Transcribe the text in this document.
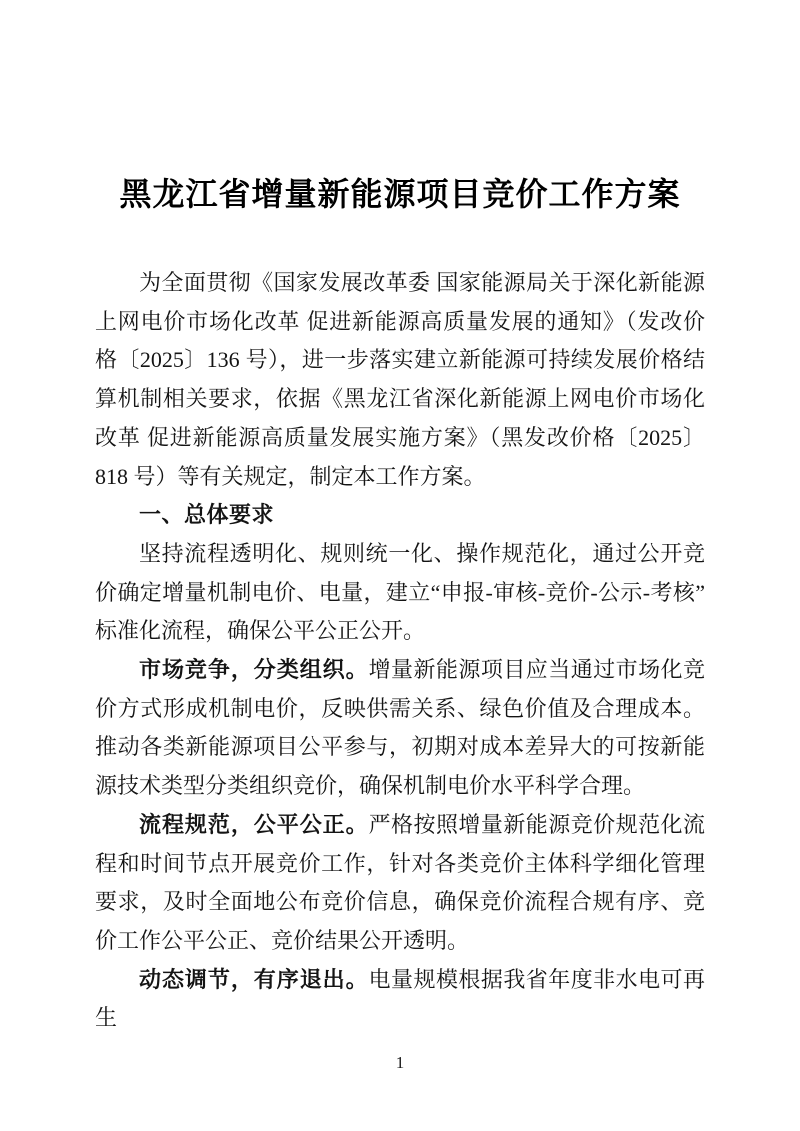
黑龙江省增量新能源项目竞价工作方案

为全面贯彻《国家发展改革委 国家能源局关于深化新能源上网电价市场化改革 促进新能源高质量发展的通知》（发改价格〔2025〕136 号），进一步落实建立新能源可持续发展价格结算机制相关要求，依据《黑龙江省深化新能源上网电价市场化改革 促进新能源高质量发展实施方案》（黑发改价格〔2025〕818 号）等有关规定，制定本工作方案。

一、总体要求

坚持流程透明化、规则统一化、操作规范化，通过公开竞价确定增量机制电价、电量，建立“申报-审核-竞价-公示-考核”标准化流程，确保公平公正公开。

市场竞争，分类组织。增量新能源项目应当通过市场化竞价方式形成机制电价，反映供需关系、绿色价值及合理成本。推动各类新能源项目公平参与，初期对成本差异大的可按新能源技术类型分类组织竞价，确保机制电价水平科学合理。

流程规范，公平公正。严格按照增量新能源竞价规范化流程和时间节点开展竞价工作，针对各类竞价主体科学细化管理要求，及时全面地公布竞价信息，确保竞价流程合规有序、竞价工作公平公正、竞价结果公开透明。

动态调节，有序退出。电量规模根据我省年度非水电可再生

1
